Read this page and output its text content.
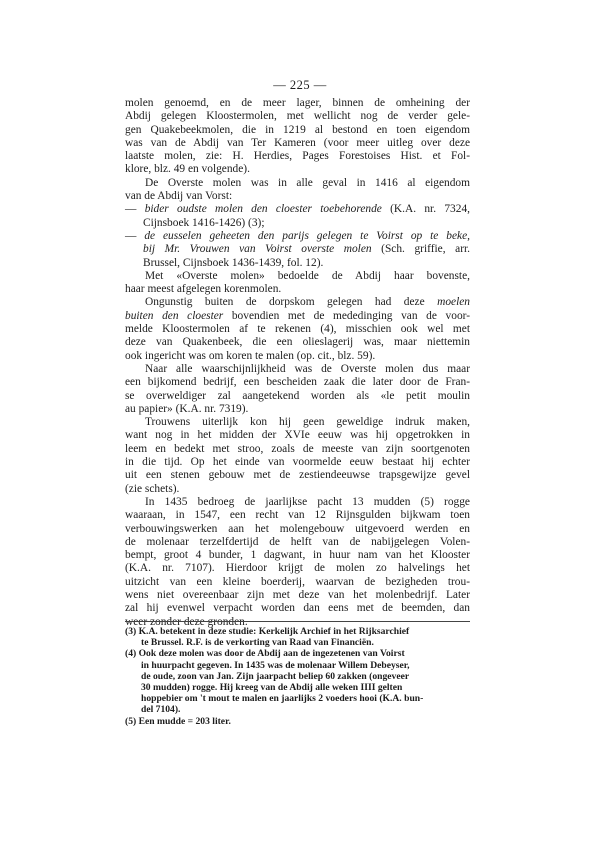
— 225 —
molen genoemd, en de meer lager, binnen de omheining der
Abdij gelegen Kloostermolen, met wellicht nog de verder gele-
gen Quakebeekmolen, die in 1219 al bestond en toen eigendom
was van de Abdij van Ter Kameren (voor meer uitleg over deze
laatste molen, zie: H. Herdies, Pages Forestoises Hist. et Fol-
klore, blz. 49 en volgende).
De Overste molen was in alle geval in 1416 al eigendom
van de Abdij van Vorst:
— bider oudste molen den cloester toebehorende (K.A. nr. 7324,
Cijnsboek 1416-1426) (3);
— de eusselen geheeten den parijs gelegen te Voirst op te beke,
bij Mr. Vrouwen van Voirst overste molen (Sch. griffie, arr.
Brussel, Cijnsboek 1436-1439, fol. 12).
Met «Overste molen» bedoelde de Abdij haar bovenste,
haar meest afgelegen korenmolen.
Ongunstig buiten de dorpskom gelegen had deze moelen
buiten den cloester bovendien met de mededinging van de voor-
melde Kloostermolen af te rekenen (4), misschien ook wel met
deze van Quakenbeek, die een olieslagerij was, maar niettemin
ook ingericht was om koren te malen (op. cit., blz. 59).
Naar alle waarschijnlijkheid was de Overste molen dus maar
een bijkomend bedrijf, een bescheiden zaak die later door de Fran-
se overweldiger zal aangetekend worden als «le petit moulin
au papier» (K.A. nr. 7319).
Trouwens uiterlijk kon hij geen geweldige indruk maken,
want nog in het midden der XVIe eeuw was hij opgetrokken in
leem en bedekt met stroo, zoals de meeste van zijn soortgenoten
in die tijd. Op het einde van voormelde eeuw bestaat hij echter
uit een stenen gebouw met de zestiendeeuwse trapsgewijze gevel
(zie schets).
In 1435 bedroeg de jaarlijkse pacht 13 mudden (5) rogge
waaraan, in 1547, een recht van 12 Rijnsgulden bijkwam toen
verbouwingswerken aan het molengebouw uitgevoerd werden en
de molenaar terzelfdertijd de helft van de nabijgelegen Volen-
bempt, groot 4 bunder, 1 dagwant, in huur nam van het Klooster
(K.A. nr. 7107). Hierdoor krijgt de molen zo halvelings het
uitzicht van een kleine boerderij, waarvan de bezigheden trou-
wens niet overeenbaar zijn met deze van het molenbedrijf. Later
zal hij evenwel verpacht worden dan eens met de beemden, dan
weer zonder deze gronden.
(3) K.A. betekent in deze studie: Kerkelijk Archief in het Rijksarchief
te Brussel. R.F. is de verkorting van Raad van Financiën.
(4) Ook deze molen was door de Abdij aan de ingezetenen van Voirst
in huurpacht gegeven. In 1435 was de molenaar Willem Debeyser,
de oude, zoon van Jan. Zijn jaarpacht beliep 60 zakken (ongeveer
30 mudden) rogge. Hij kreeg van de Abdij alle weken IIII gelten
hoppebier om 't mout te malen en jaarlijks 2 voeders hooi (K.A. bun-
del 7104).
(5) Een mudde = 203 liter.
